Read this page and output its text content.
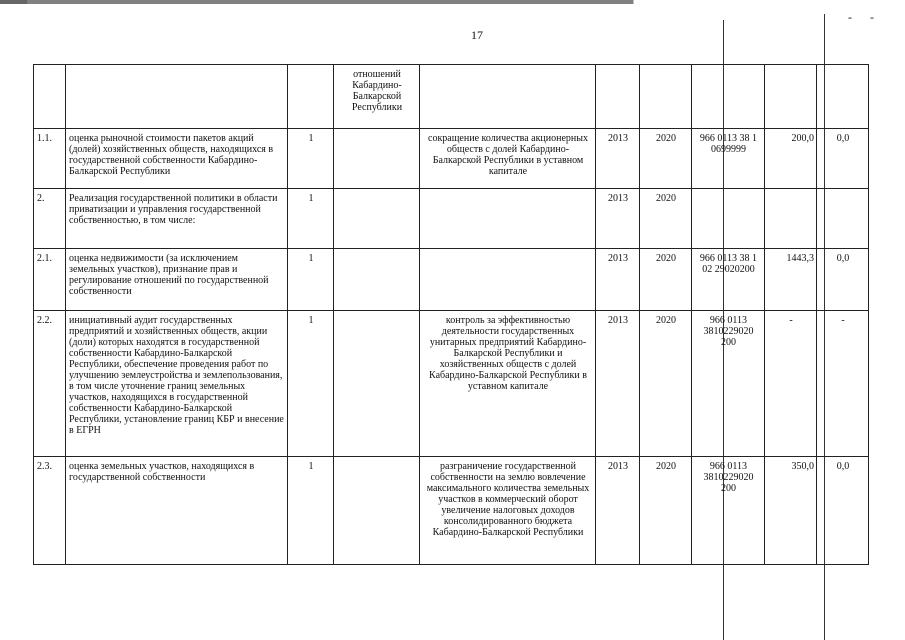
17
- -
			отношений Кабардино-Балкарской Республики						
1.1.	оценка рыночной стоимости пакетов акций (долей) хозяйственных обществ, находящихся в государственной собственности Кабардино-Балкарской Республики	1		сокращение количества акционерных обществ с долей Кабардино-Балкарской Республики в уставном капитале	2013	2020	966 0113 38 1 0699999	200,0	0,0
2.	Реализация государственной политики в области приватизации и управления государственной собственностью, в том числе:	1			2013	2020			
2.1.	оценка недвижимости (за исключением земельных участков), признание прав и регулирование отношений по государственной собственности	1			2013	2020	966 0113 38 1 02 29020200	1443,3	0,0
2.2.	инициативный аудит государственных предприятий и хозяйственных обществ, акции (доли) которых находятся в государственной собственности Кабардино-Балкарской Республики, обеспечение проведения работ по улучшению землеустройства и землепользования, в том числе уточнение границ земельных участков, находящихся в государственной собственности Кабардино-Балкарской Республики, установление границ КБР и внесение в ЕГРН	1		контроль за эффективностью деятельности государственных унитарных предприятий Кабардино-Балкарской Республики и хозяйственных обществ с долей Кабардино-Балкарской Республики в уставном капитале	2013	2020	966 0113 3810229020 200	-	-
2.3.	оценка земельных участков, находящихся в государственной собственности	1		разграничение государственной собственности на землю вовлечение максимального количества земельных участков в коммерческий оборот увеличение налоговых доходов консолидированного бюджета Кабардино-Балкарской Республики	2013	2020	966 0113 3810229020 200	350,0	0,0
